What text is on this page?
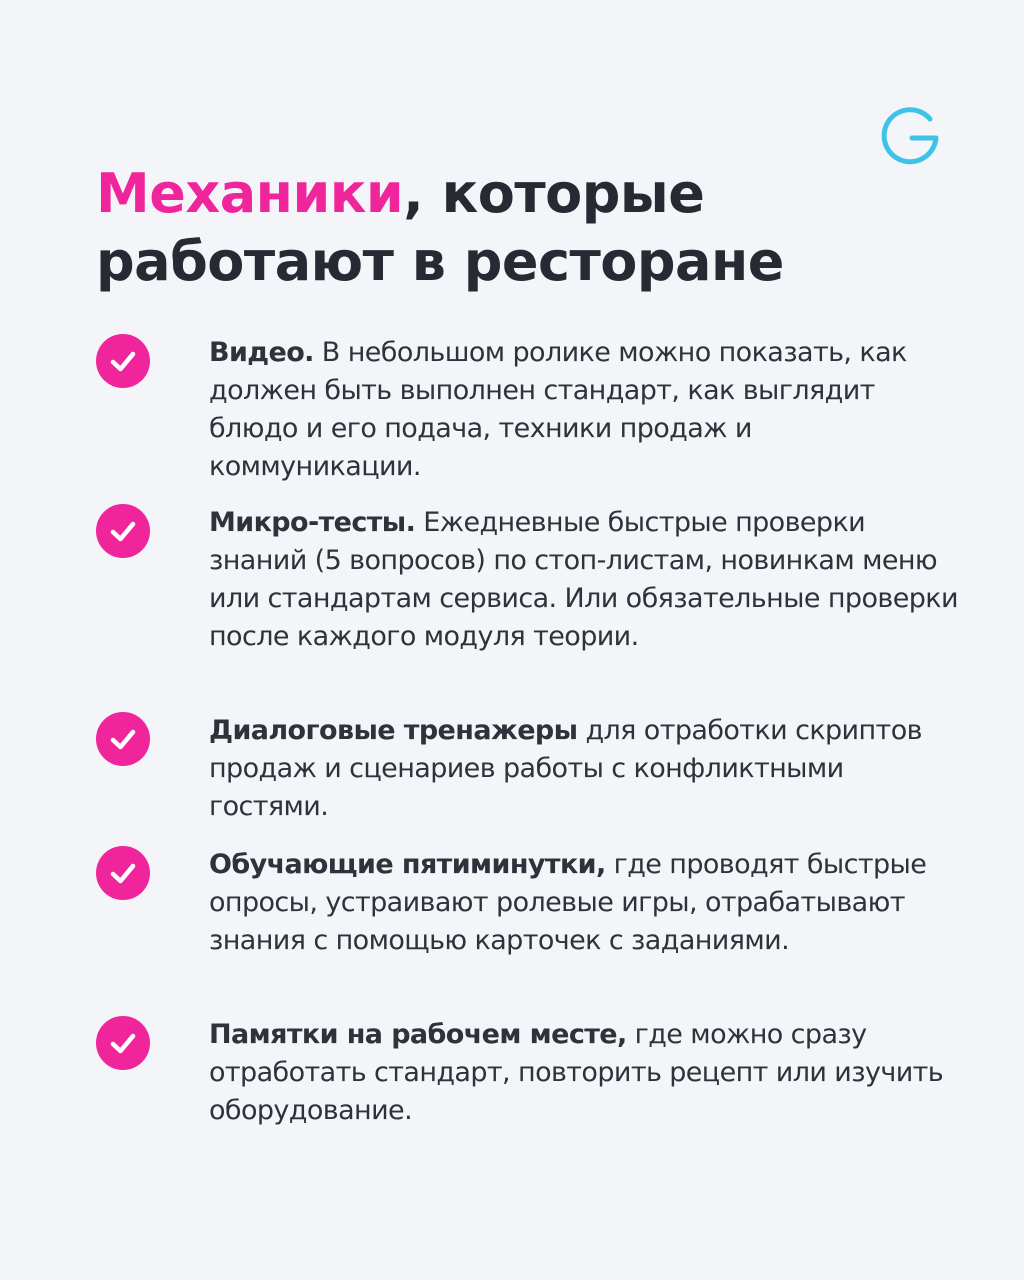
Механики, которые работают в ресторане

Видео. В небольшом ролике можно показать, как должен быть выполнен стандарт, как выглядит блюдо и его подача, техники продаж и коммуникации.

Микро-тесты. Ежедневные быстрые проверки знаний (5 вопросов) по стоп-листам, новинкам меню или стандартам сервиса. Или обязательные проверки после каждого модуля теории.

Диалоговые тренажеры для отработки скриптов продаж и сценариев работы с конфликтными гостями.

Обучающие пятиминутки, где проводят быстрые опросы, устраивают ролевые игры, отрабатывают знания с помощью карточек с заданиями.

Памятки на рабочем месте, где можно сразу отработать стандарт, повторить рецепт или изучить оборудование.
